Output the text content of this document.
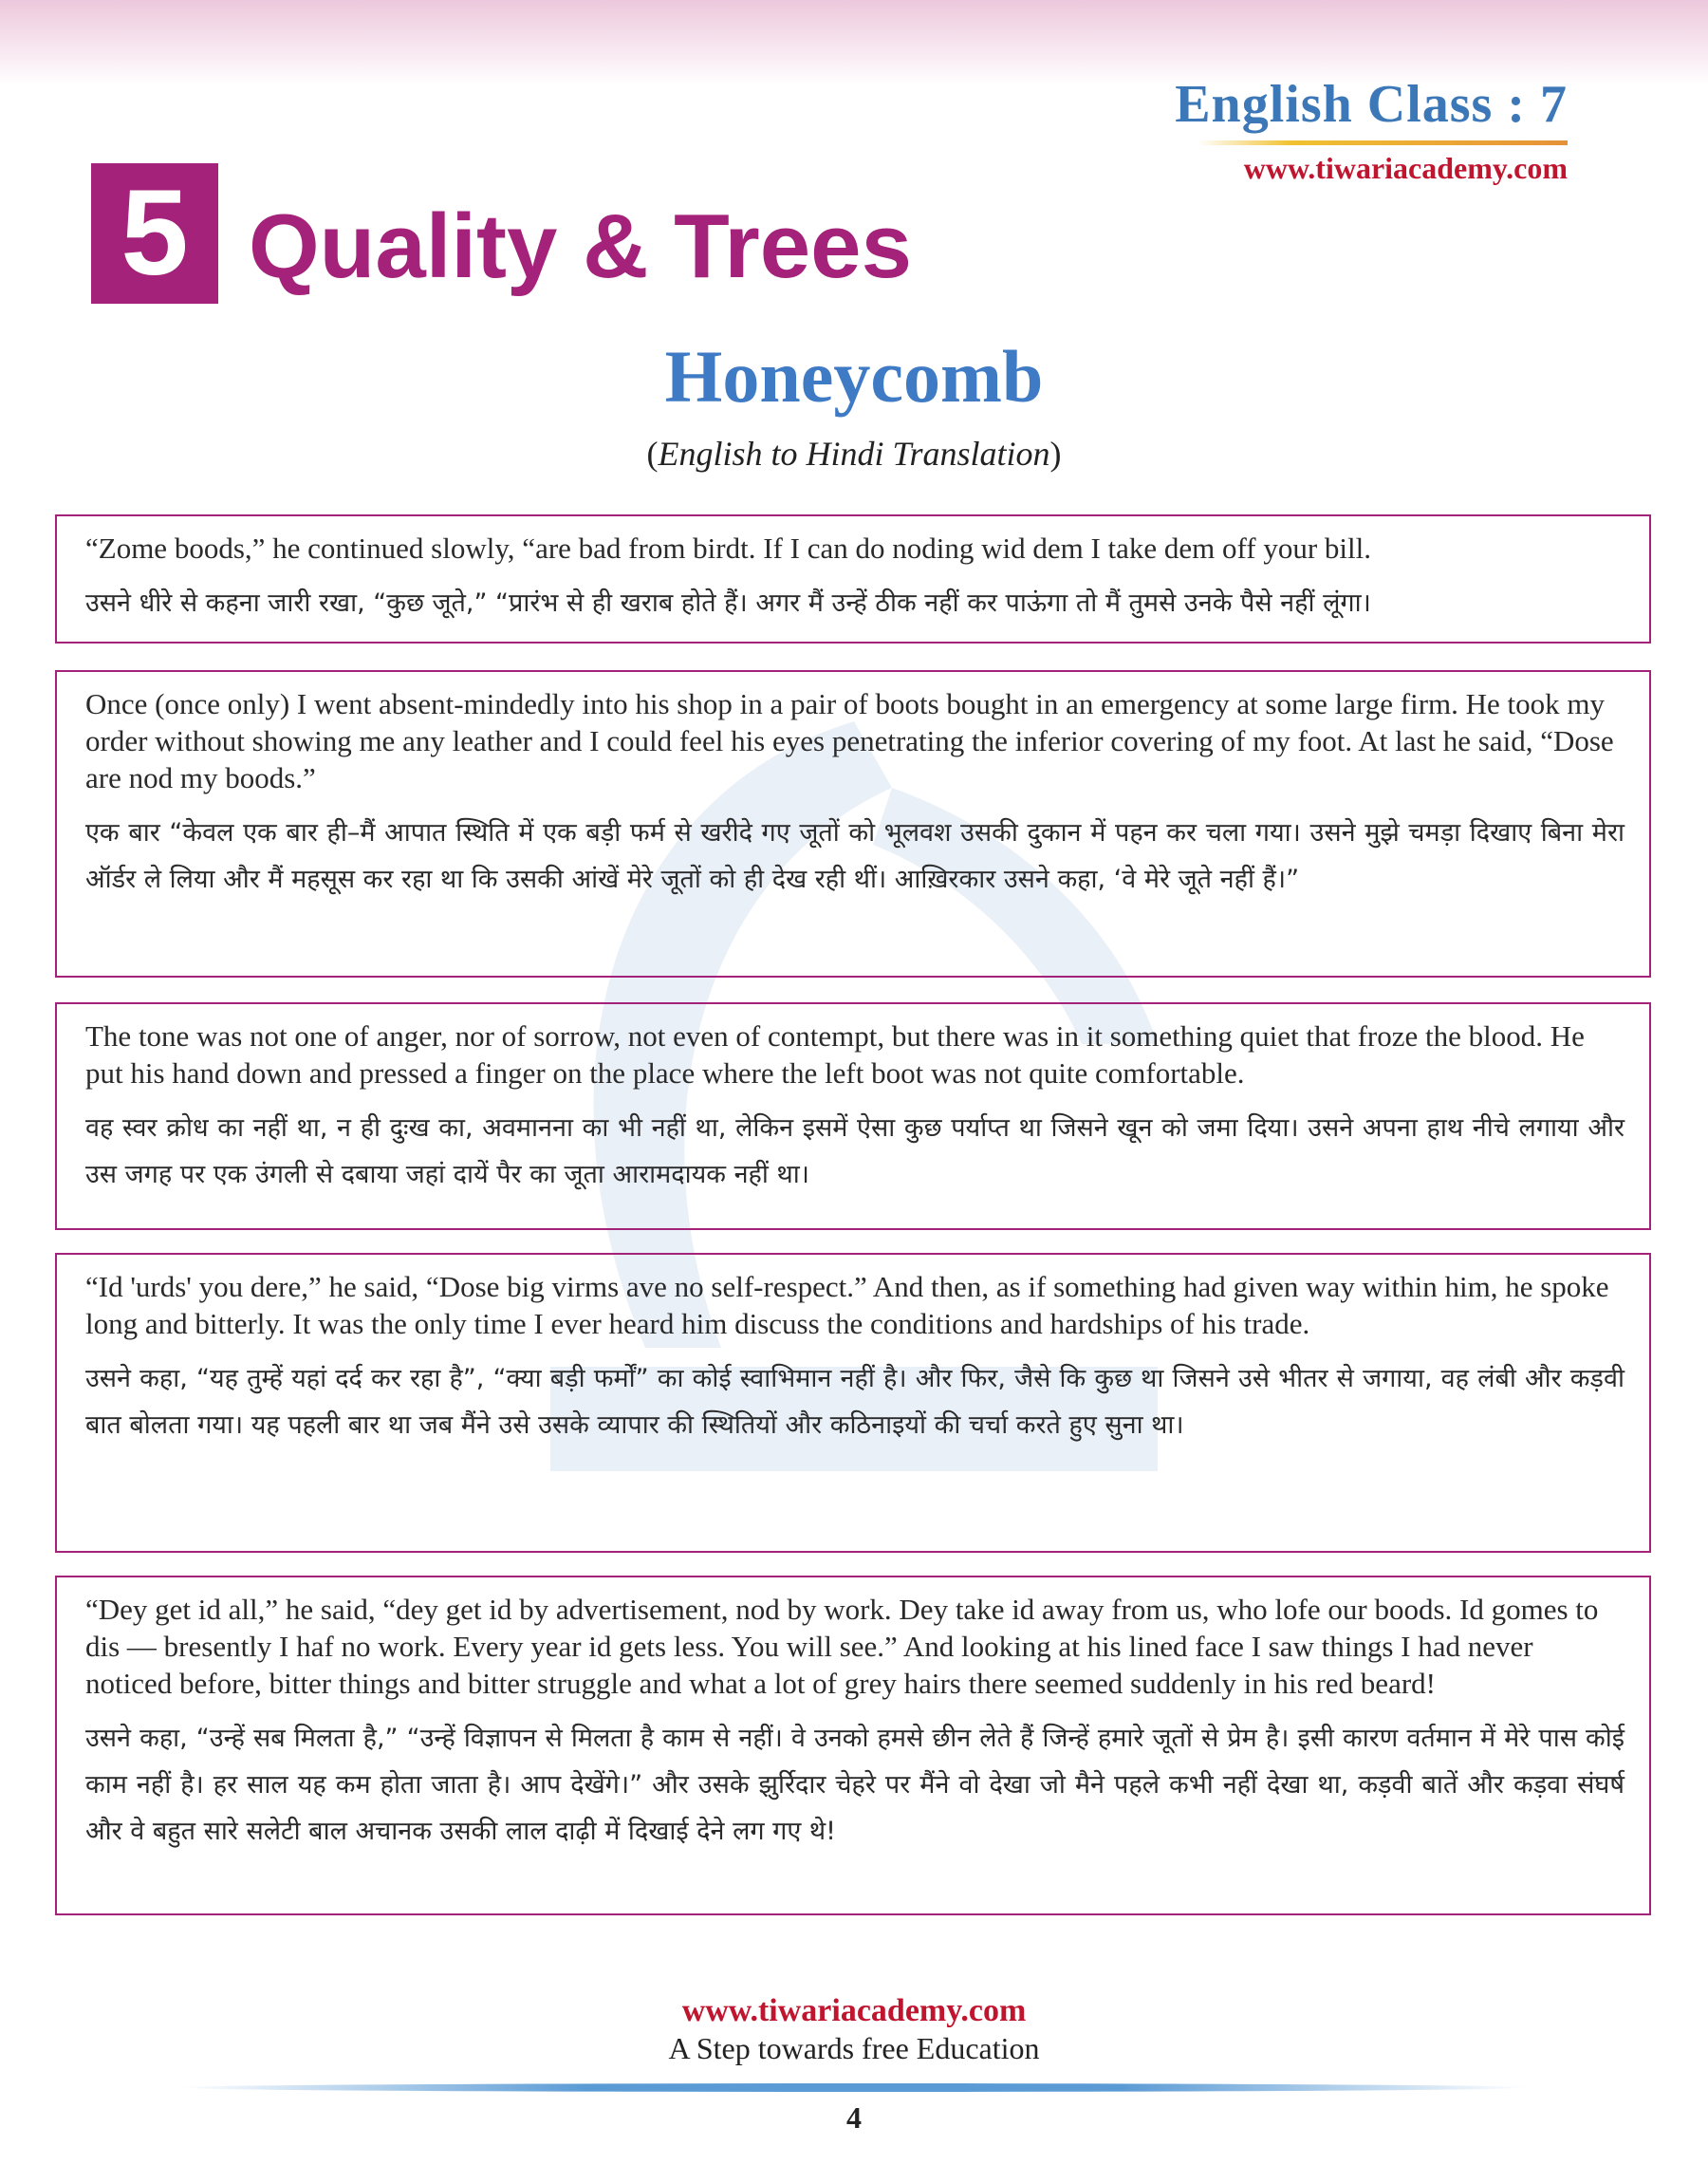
English Class : 7
www.tiwariacademy.com
5 Quality & Trees
Honeycomb
(English to Hindi Translation)

“Zome boods,” he continued slowly, “are bad from birdt. If I can do noding wid dem I take dem off your bill.

उसने धीरे से कहना जारी रखा, “कुछ जूते,” “प्रारंभ से ही खराब होते हैं। अगर मैं उन्हें ठीक नहीं कर पाऊंगा तो मैं तुमसे उनके पैसे नहीं लूंगा।

Once (once only) I went absent-mindedly into his shop in a pair of boots bought in an emergency at some large firm. He took my order without showing me any leather and I could feel his eyes penetrating the inferior covering of my foot. At last he said, “Dose are nod my boods.”

एक बार “केवल एक बार ही–मैं आपात स्थिति में एक बड़ी फर्म से खरीदे गए जूतों को भूलवश उसकी दुकान में पहन कर चला गया। उसने मुझे चमड़ा दिखाए बिना मेरा ऑर्डर ले लिया और मैं महसूस कर रहा था कि उसकी आंखें मेरे जूतों को ही देख रही थीं। आख़िरकार उसने कहा, ‘वे मेरे जूते नहीं हैं।”

The tone was not one of anger, nor of sorrow, not even of contempt, but there was in it something quiet that froze the blood. He put his hand down and pressed a finger on the place where the left boot was not quite comfortable.

वह स्वर क्रोध का नहीं था, न ही दुःख का, अवमानना का भी नहीं था, लेकिन इसमें ऐसा कुछ पर्याप्त था जिसने खून को जमा दिया। उसने अपना हाथ नीचे लगाया और उस जगह पर एक उंगली से दबाया जहां दायें पैर का जूता आरामदायक नहीं था।

“Id 'urds' you dere,” he said, “Dose big virms ave no self-respect.” And then, as if something had given way within him, he spoke long and bitterly. It was the only time I ever heard him discuss the conditions and hardships of his trade.

उसने कहा, “यह तुम्हें यहां दर्द कर रहा है”, “क्या बड़ी फर्मों” का कोई स्वाभिमान नहीं है। और फिर, जैसे कि कुछ था जिसने उसे भीतर से जगाया, वह लंबी और कड़वी बात बोलता गया। यह पहली बार था जब मैंने उसे उसके व्यापार की स्थितियों और कठिनाइयों की चर्चा करते हुए सुना था।

“Dey get id all,” he said, “dey get id by advertisement, nod by work. Dey take id away from us, who lofe our boods. Id gomes to dis — bresently I haf no work. Every year id gets less. You will see.” And looking at his lined face I saw things I had never noticed before, bitter things and bitter struggle and what a lot of grey hairs there seemed suddenly in his red beard!

उसने कहा, “उन्हें सब मिलता है,” “उन्हें विज्ञापन से मिलता है काम से नहीं। वे उनको हमसे छीन लेते हैं जिन्हें हमारे जूतों से प्रेम है। इसी कारण वर्तमान में मेरे पास कोई काम नहीं है। हर साल यह कम होता जाता है। आप देखेंगे।” और उसके झुर्रिदार चेहरे पर मैंने वो देखा जो मैने पहले कभी नहीं देखा था, कड़वी बातें और कड़वा संघर्ष और वे बहुत सारे सलेटी बाल अचानक उसकी लाल दाढ़ी में दिखाई देने लग गए थे!

www.tiwariacademy.com
A Step towards free Education
4
